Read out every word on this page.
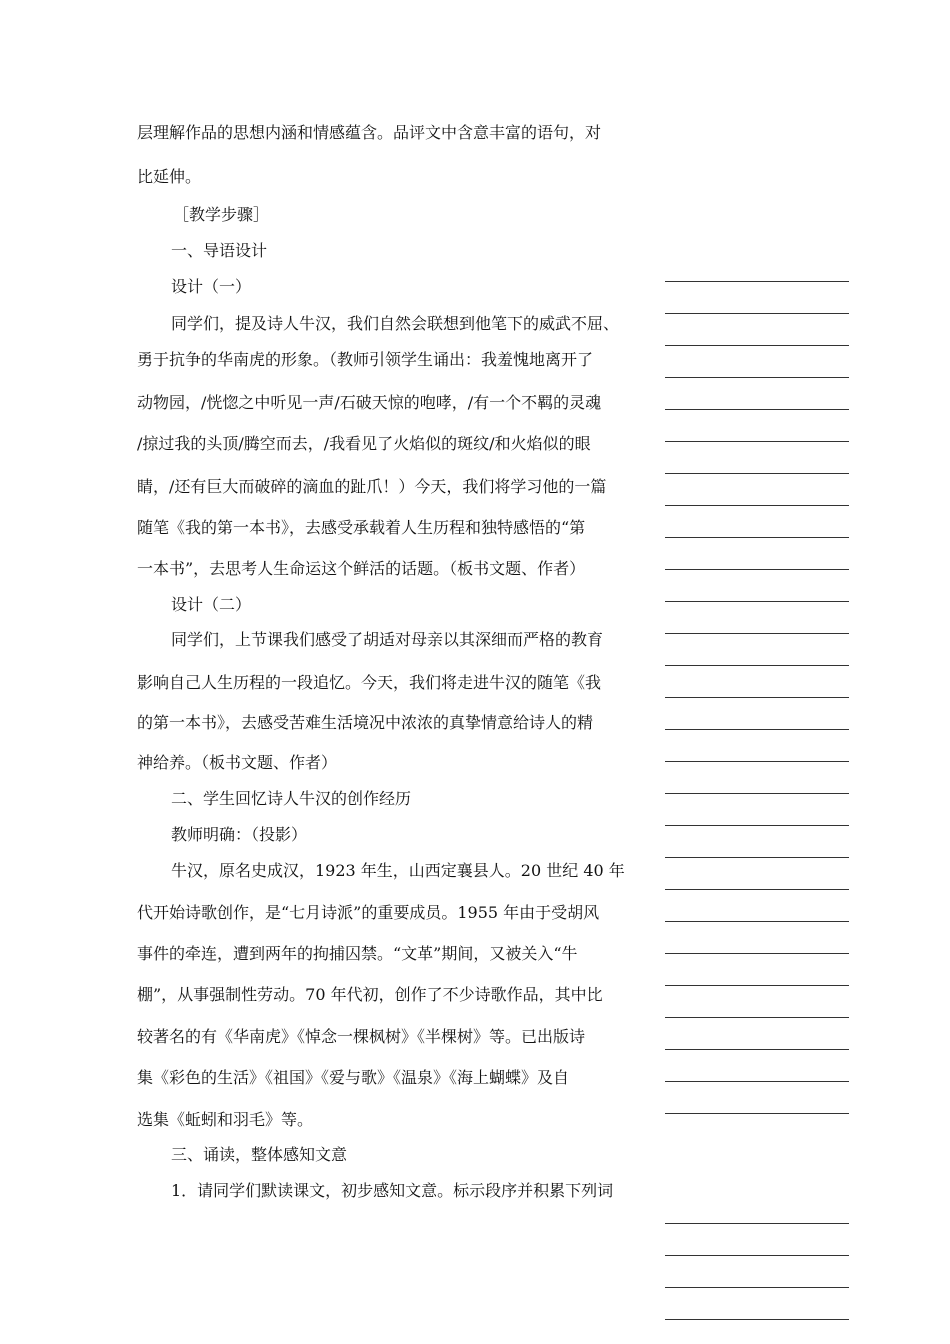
层理解作品的思想内涵和情感蕴含。品评文中含意丰富的语句，对
比延伸。
［教学步骤］
一、导语设计
设计（一）
同学们，提及诗人牛汉，我们自然会联想到他笔下的威武不屈、
勇于抗争的华南虎的形象。（教师引领学生诵出：我羞愧地离开了
动物园，/恍惚之中听见一声/石破天惊的咆哮，/有一个不羁的灵魂
/掠过我的头顶/腾空而去，/我看见了火焰似的斑纹/和火焰似的眼
睛，/还有巨大而破碎的滴血的趾爪！）今天，我们将学习他的一篇
随笔《我的第一本书》，去感受承载着人生历程和独特感悟的“第
一本书”，去思考人生命运这个鲜活的话题。（板书文题、作者）
设计（二）
同学们，上节课我们感受了胡适对母亲以其深细而严格的教育
影响自己人生历程的一段追忆。今天，我们将走进牛汉的随笔《我
的第一本书》，去感受苦难生活境况中浓浓的真挚情意给诗人的精
神给养。（板书文题、作者）
二、学生回忆诗人牛汉的创作经历
教师明确：（投影）
牛汉，原名史成汉，1923 年生，山西定襄县人。20 世纪 40 年
代开始诗歌创作，是“七月诗派”的重要成员。1955 年由于受胡风
事件的牵连，遭到两年的拘捕囚禁。“文革”期间，又被关入“牛
棚”，从事强制性劳动。70 年代初，创作了不少诗歌作品，其中比
较著名的有《华南虎》《悼念一棵枫树》《半棵树》等。已出版诗
集《彩色的生活》《祖国》《爱与歌》《温泉》《海上蝴蝶》及自
选集《蚯蚓和羽毛》等。
三、诵读，整体感知文意
1．请同学们默读课文，初步感知文意。标示段序并积累下列词
